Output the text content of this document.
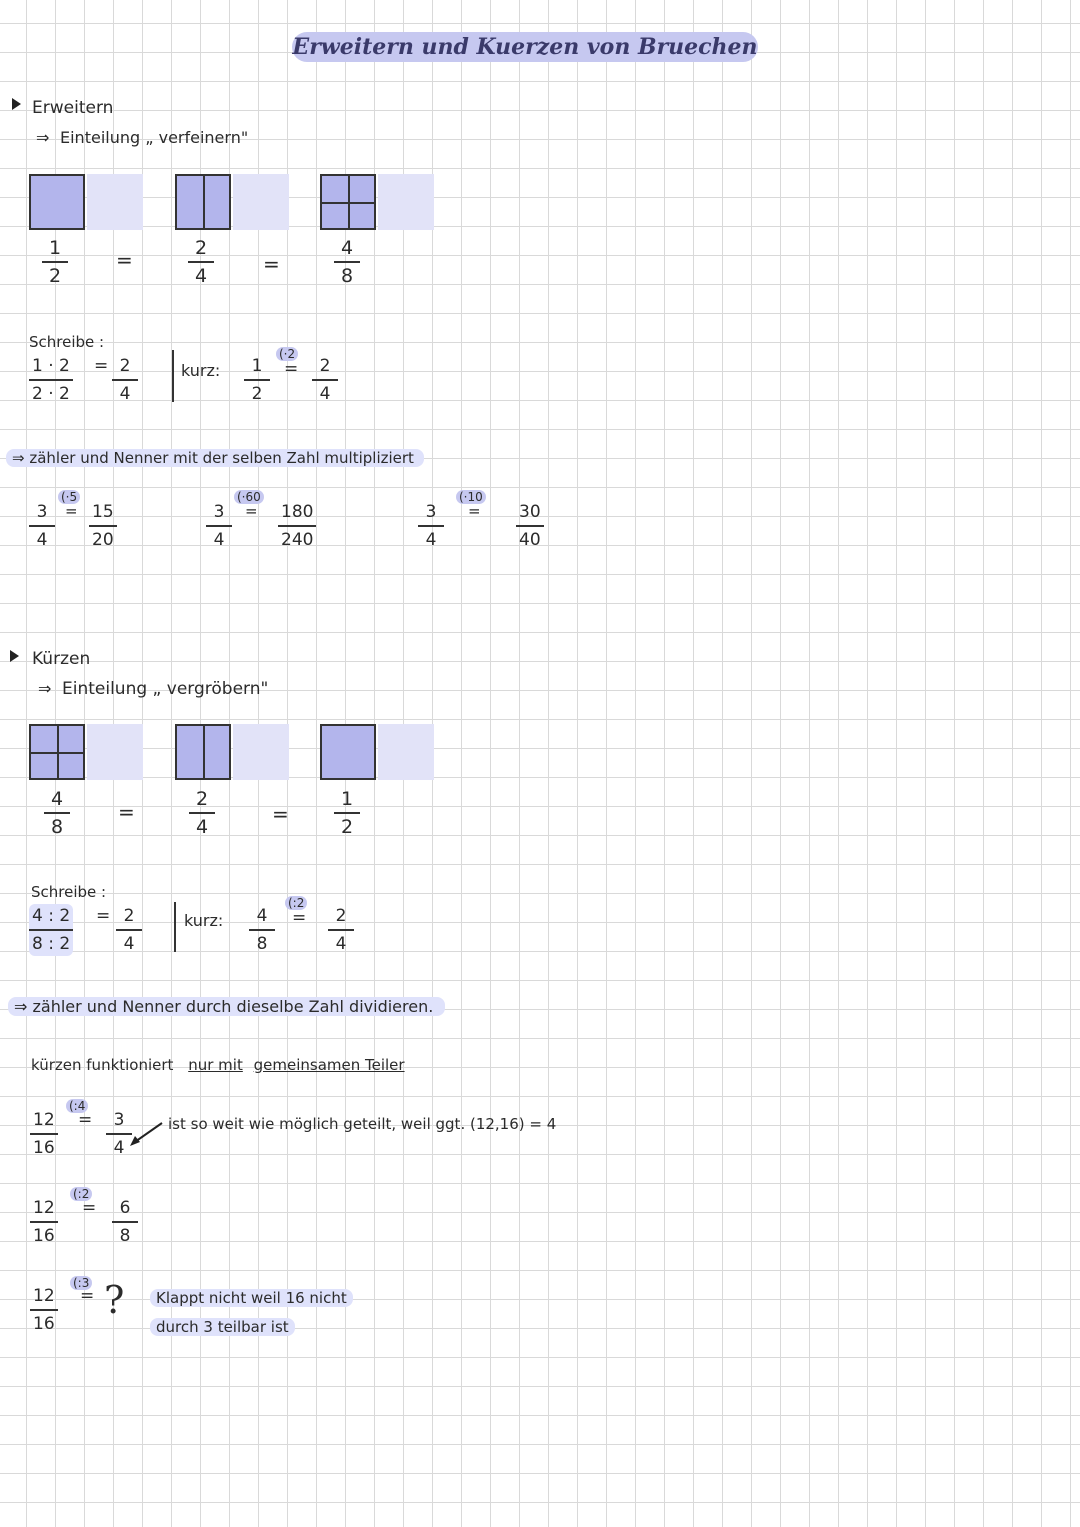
Erweitern und Kuerzen von Bruechen
Erweitern
⇒ Einteilung „ verfeinern"
1
2
=	2
4	=
4
8
Schreibe :
1 · 2
2 · 2
= 2
4
kurz: 1
2
(·2
= 2
4
⇒ zähler und Nenner mit der selben Zahl multipliziert
3
4
(·5
= 15
20
3
4
(·60
= 180
240
3
4
(·10
= 30
40
Kürzen
⇒ Einteilung „ vergröbern"
4
8
=
2
4
=
1
2
Schreibe :
4 : 2
8 : 2
= 2
4
kurz: 4
8
(:2
= 2
4
⇒ zähler und Nenner durch dieselbe Zahl dividieren.
kürzen funktioniert nur mit gemeinsamen Teiler
12
16
(:4
= 3
4
ist so weit wie möglich geteilt, weil ggt. (12,16) = 4
12
16
(:2
= 6
8
12
16
(:3
= ?	Klappt nicht weil 16 nicht
durch 3 teilbar ist
